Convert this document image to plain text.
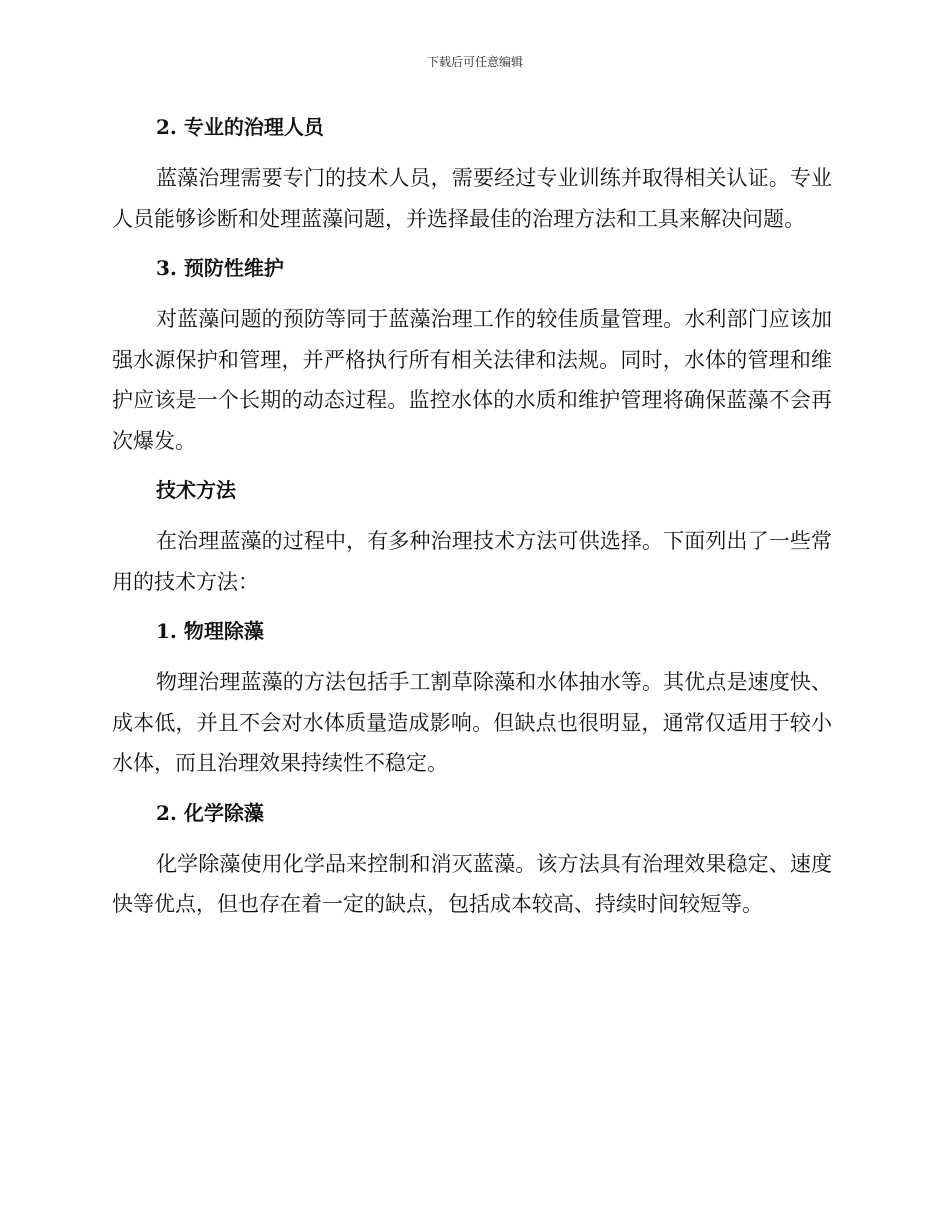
下载后可任意编辑
2. 专业的治理人员
蓝藻治理需要专门的技术人员，需要经过专业训练并取得相关认证。专业人员能够诊断和处理蓝藻问题，并选择最佳的治理方法和工具来解决问题。
3. 预防性维护
对蓝藻问题的预防等同于蓝藻治理工作的较佳质量管理。水利部门应该加强水源保护和管理，并严格执行所有相关法律和法规。同时，水体的管理和维护应该是一个长期的动态过程。监控水体的水质和维护管理将确保蓝藻不会再次爆发。
技术方法
在治理蓝藻的过程中，有多种治理技术方法可供选择。下面列出了一些常用的技术方法：
1. 物理除藻
物理治理蓝藻的方法包括手工割草除藻和水体抽水等。其优点是速度快、成本低，并且不会对水体质量造成影响。但缺点也很明显，通常仅适用于较小水体，而且治理效果持续性不稳定。
2. 化学除藻
化学除藻使用化学品来控制和消灭蓝藻。该方法具有治理效果稳定、速度快等优点，但也存在着一定的缺点，包括成本较高、持续时间较短等。
